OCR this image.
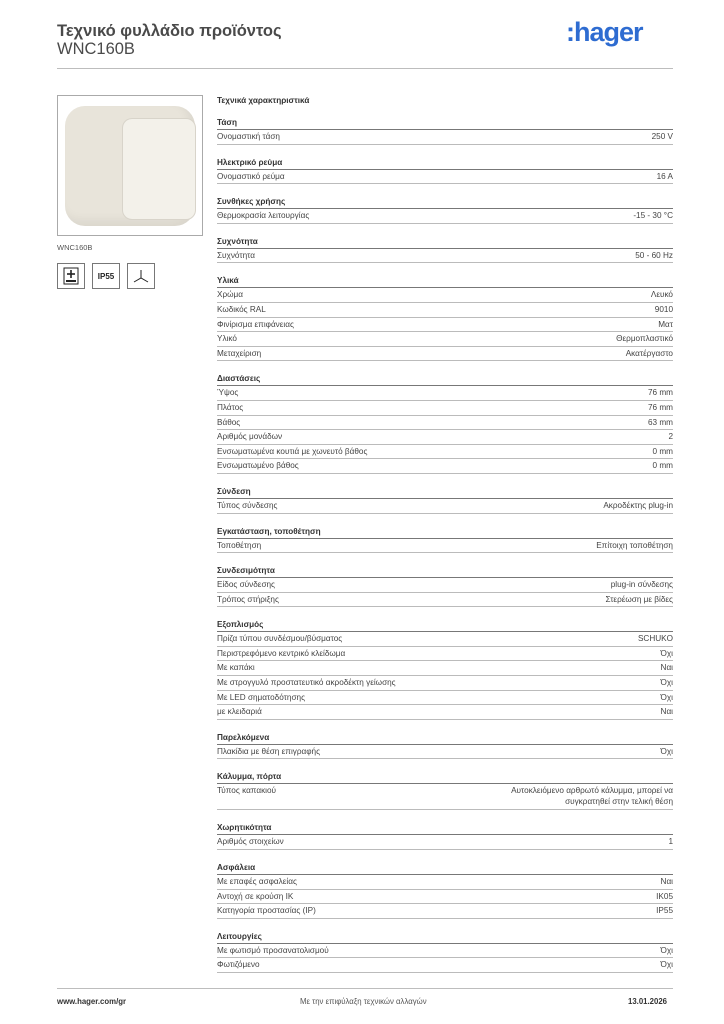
Τεχνικό φυλλάδιο προϊόντος
WNC160B
:hager
WNC160B
IP55
Τεχνικά χαρακτηριστικά
Τάση
Ονομαστική τάση	250 V
Ηλεκτρικό ρεύμα
Ονομαστικό ρεύμα	16 A
Συνθήκες χρήσης
Θερμοκρασία λειτουργίας	-15 - 30 °C
Συχνότητα
Συχνότητα	50 - 60 Hz
Υλικά
Χρώμα	Λευκό
Κωδικός RAL	9010
Φινίρισμα επιφάνειας	Ματ
Υλικό	Θερμοπλαστικό
Μεταχείριση	Ακατέργαστο
Διαστάσεις
Ύψος	76 mm
Πλάτος	76 mm
Βάθος	63 mm
Αριθμός μονάδων	2
Ενσωματωμένα κουτιά με χωνευτό βάθος	0 mm
Ενσωματωμένο βάθος	0 mm
Σύνδεση
Τύπος σύνδεσης	Ακροδέκτης plug-in
Εγκατάσταση, τοποθέτηση
Τοποθέτηση	Επίτοιχη τοποθέτηση
Συνδεσιμότητα
Είδος σύνδεσης	plug-in σύνδεσης
Τρόπος στήριξης	Στερέωση με βίδες
Εξοπλισμός
Πρίζα τύπου συνδέσμου/βύσματος	SCHUKO
Περιστρεφόμενο κεντρικό κλείδωμα	Όχι
Με καπάκι	Ναι
Με στρογγυλό προστατευτικό ακροδέκτη γείωσης	Όχι
Με LED σηματοδότησης	Όχι
με κλειδαριά	Ναι
Παρελκόμενα
Πλακίδια με θέση επιγραφής	Όχι
Κάλυμμα, πόρτα
Τύπος καπακιού	Αυτοκλειόμενο αρθρωτό κάλυμμα, μπορεί να συγκρατηθεί στην τελική θέση
Χωρητικότητα
Αριθμός στοιχείων	1
Ασφάλεια
Με επαφές ασφαλείας	Ναι
Αντοχή σε κρούση IK	IK05
Κατηγορία προστασίας (IP)	IP55
Λειτουργίες
Με φωτισμό προσανατολισμού	Όχι
Φωτιζόμενο	Όχι
www.hager.com/gr	Με την επιφύλαξη τεχνικών αλλαγών	13.01.2026
